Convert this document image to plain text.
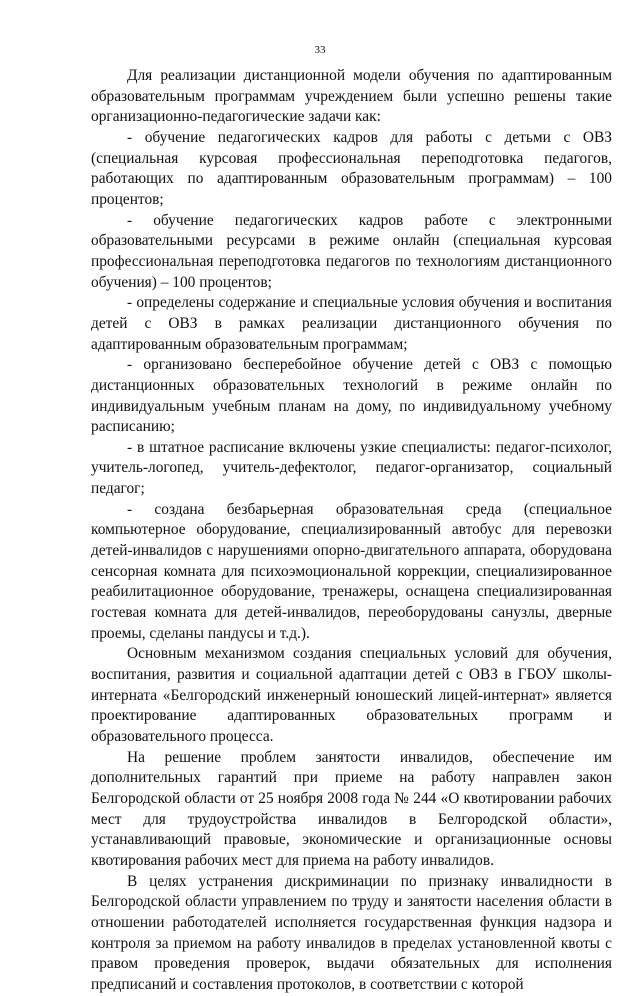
33

Для реализации дистанционной модели обучения по адаптированным образовательным программам учреждением были успешно решены такие организационно-педагогические задачи как:

- обучение педагогических кадров для работы с детьми с ОВЗ (специальная курсовая профессиональная переподготовка педагогов, работающих по адаптированным образовательным программам) – 100 процентов;

- обучение педагогических кадров работе с электронными образовательными ресурсами в режиме онлайн (специальная курсовая профессиональная переподготовка педагогов по технологиям дистанционного обучения) – 100 процентов;

- определены содержание и специальные условия обучения и воспитания детей с ОВЗ в рамках реализации дистанционного обучения по адаптированным образовательным программам;

- организовано бесперебойное обучение детей с ОВЗ с помощью дистанционных образовательных технологий в режиме онлайн по индивидуальным учебным планам на дому, по индивидуальному учебному расписанию;

- в штатное расписание включены узкие специалисты: педагог-психолог, учитель-логопед, учитель-дефектолог, педагог-организатор, социальный педагог;

- создана безбарьерная образовательная среда (специальное компьютерное оборудование, специализированный автобус для перевозки детей-инвалидов с нарушениями опорно-двигательного аппарата, оборудована сенсорная комната для психоэмоциональной коррекции, специализированное реабилитационное оборудование, тренажеры, оснащена специализированная гостевая комната для детей-инвалидов, переоборудованы санузлы, дверные проемы, сделаны пандусы и т.д.).

Основным механизмом создания специальных условий для обучения, воспитания, развития и социальной адаптации детей с ОВЗ в ГБОУ школы-интерната «Белгородский инженерный юношеский лицей-интернат» является проектирование адаптированных образовательных программ и образовательного процесса.

На решение проблем занятости инвалидов, обеспечение им дополнительных гарантий при приеме на работу направлен закон Белгородской области от 25 ноября 2008 года № 244 «О квотировании рабочих мест для трудоустройства инвалидов в Белгородской области», устанавливающий правовые, экономические и организационные основы квотирования рабочих мест для приема на работу инвалидов.

В целях устранения дискриминации по признаку инвалидности в Белгородской области управлением по труду и занятости населения области в отношении работодателей исполняется государственная функция надзора и контроля за приемом на работу инвалидов в пределах установленной квоты с правом проведения проверок, выдачи обязательных для исполнения предписаний и составления протоколов, в соответствии с которой
